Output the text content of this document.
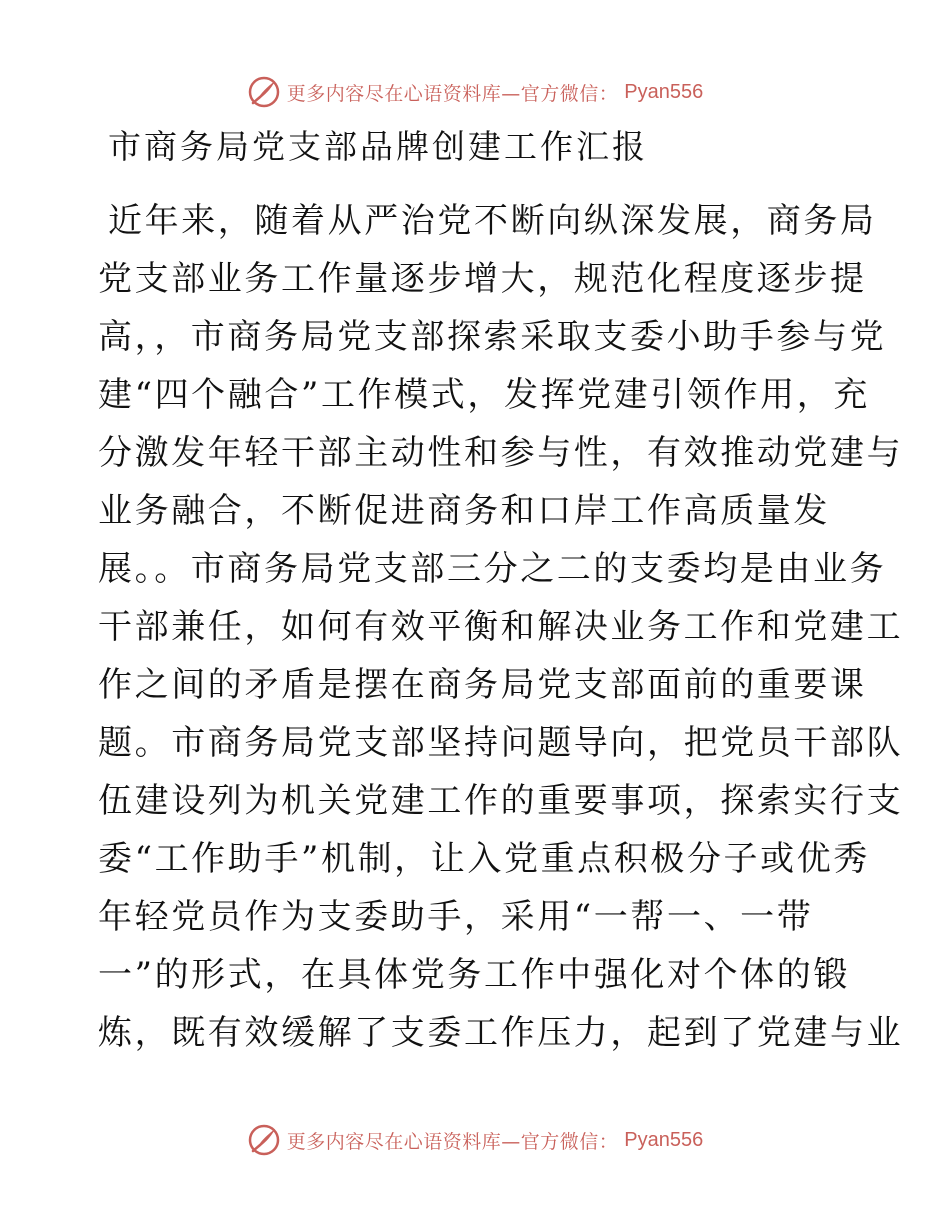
更多内容尽在心语资料库—官方微信： Pyan556
市商务局党支部品牌创建工作汇报
近年来，随着从严治党不断向纵深发展，商务局
党支部业务工作量逐步增大，规范化程度逐步提
高，，市商务局党支部探索采取支委小助手参与党
建“四个融合”工作模式，发挥党建引领作用，充
分激发年轻干部主动性和参与性，有效推动党建与
业务融合，不断促进商务和口岸工作高质量发
展。。市商务局党支部三分之二的支委均是由业务
干部兼任，如何有效平衡和解决业务工作和党建工
作之间的矛盾是摆在商务局党支部面前的重要课
题。市商务局党支部坚持问题导向，把党员干部队
伍建设列为机关党建工作的重要事项，探索实行支
委“工作助手”机制，让入党重点积极分子或优秀
年轻党员作为支委助手，采用“一帮一、一带
一”的形式，在具体党务工作中强化对个体的锻
炼，既有效缓解了支委工作压力，起到了党建与业
更多内容尽在心语资料库—官方微信： Pyan556
